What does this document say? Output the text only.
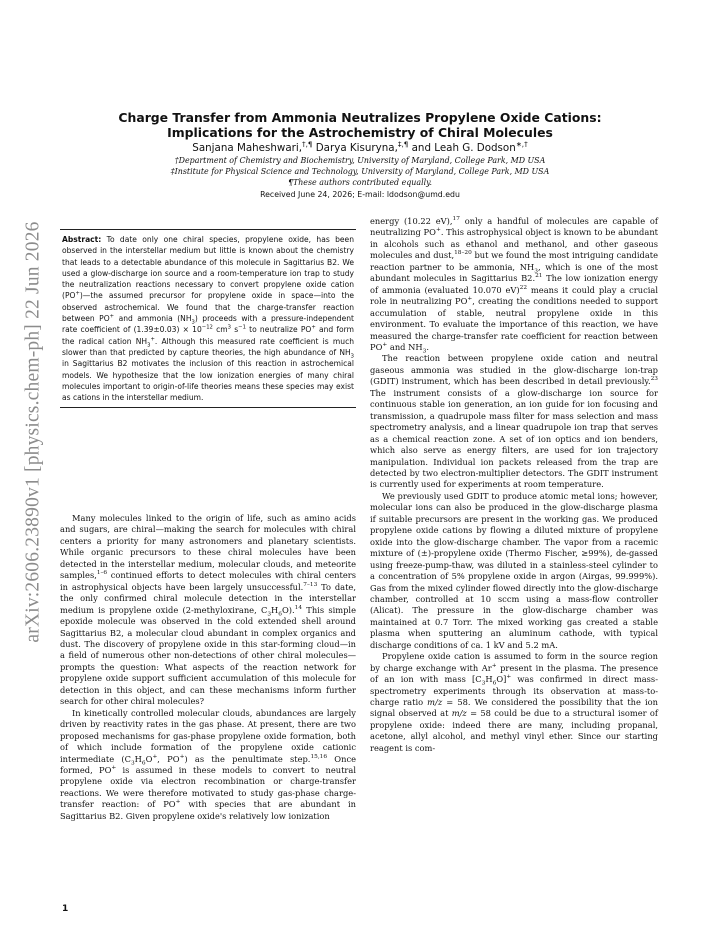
arXiv:2606.23890v1 [physics.chem-ph] 22 Jun 2026
Charge Transfer from Ammonia Neutralizes Propylene Oxide Cations:
Implications for the Astrochemistry of Chiral Molecules
Sanjana Maheshwari,†,¶ Darya Kisuryna,‡,¶ and Leah G. Dodson∗,†
†Department of Chemistry and Biochemistry, University of Maryland, College Park, MD USA
‡Institute for Physical Science and Technology, University of Maryland, College Park, MD USA
¶These authors contributed equally.
Received June 24, 2026; E-mail: ldodson@umd.edu
Abstract: To date only one chiral species, propylene oxide, has been observed in the interstellar medium but little is known about the chemistry that leads to a detectable abundance of this molecule in Sagittarius B2. We used a glow-discharge ion source and a room-temperature ion trap to study the neutralization reactions necessary to convert propylene oxide cation (PO+)—the assumed precursor for propylene oxide in space—into the observed astrochemical. We found that the charge-transfer reaction between PO+ and ammonia $(NH_3)$ proceeds with a pressure-independent rate coefficient of $(1.39\pm 0.03) \times 10^{-12}$ $cm^3$ $s^{-1}$ to neutralize PO+ and form the radical cation $NH_3^+$. Although this measured rate coefficient is much slower than that predicted by capture theories, the high abundance of $NH_3$ in Sagittarius B2 motivates the inclusion of this reaction in astrochemical models. We hypothesize that the low ionization energies of many chiral molecules important to origin-of-life theories means these species may exist as cations in the interstellar medium.

Many molecules linked to the origin of life, such as amino acids and sugars, are chiral—making the search for molecules with chiral centers a priority for many astronomers and planetary scientists. While organic precursors to these chiral molecules have been detected in the interstellar medium, molecular clouds, and meteorite samples,$^{1-6}$ continued efforts to detect molecules with chiral centers in astrophysical objects have been largely unsuccessful.$^{7-13}$ To date, the only confirmed chiral molecule detection in the interstellar medium is propylene oxide (2-methyloxirane, $C_3H_6O).^{14}$ This simple epoxide molecule was observed in the cold extended shell around Sagittarius B2, a molecular cloud abundant in complex organics and dust. The discovery of propylene oxide in this star-forming cloud—in a field of numerous other non-detections of other chiral molecules—prompts the question: What aspects of the reaction network for propylene oxide support sufficient accumulation of this molecule for detection in this object, and can these mechanisms inform further search for other chiral molecules?

In kinetically controlled molecular clouds, abundances are largely driven by reactivity rates in the gas phase. At present, there are two proposed mechanisms for gas-phase propylene oxide formation, both of which include formation of the propylene oxide cationic intermediate ($C_3H_6O^+$, PO+) as the penultimate step.$^{15,16}$ Once formed, PO+ is assumed in these models to convert to neutral propylene oxide via electron recombination or charge-transfer reactions. We were therefore motivated to study gas-phase charge-transfer reaction: of PO+ with species that are abundant in Sagittarius B2. Given propylene oxide's relatively low ionization

energy (10.22 eV),$^{17}$ only a handful of molecules are capable of neutralizing PO+. This astrophysical object is known to be abundant in alcohols such as ethanol and methanol, and other gaseous molecules and dust,$^{18-20}$ but we found the most intriguing candidate reaction partner to be ammonia, $NH_3$, which is one of the most abundant molecules in Sagittarius B2.21 The low ionization energy of ammonia (evaluated 10.070 eV)$^{22}$ means it could play a crucial role in neutralizing PO+, creating the conditions needed to support accumulation of stable, neutral propylene oxide in this environment. To evaluate the importance of this reaction, we have measured the charge-transfer rate coefficient for reaction between PO+ and $NH_3$.

The reaction between propylene oxide cation and neutral gaseous ammonia was studied in the glow-discharge ion-trap (GDIT) instrument, which has been described in detail previously.$^{23}$ The instrument consists of a glow-discharge ion source for continuous stable ion generation, an ion guide for ion focusing and transmission, a quadrupole mass filter for mass selection and mass spectrometry analysis, and a linear quadrupole ion trap that serves as a chemical reaction zone. A set of ion optics and ion benders, which also serve as energy filters, are used for ion trajectory manipulation. Individual ion packets released from the trap are detected by two electron-multiplier detectors. The GDIT instrument is currently used for experiments at room temperature.

We previously used GDIT to produce atomic metal ions; however, molecular ions can also be produced in the glow-discharge plasma if suitable precursors are present in the working gas. We produced propylene oxide cations by flowing a diluted mixture of propylene oxide into the glow-discharge chamber. The vapor from a racemic mixture of (±)-propylene oxide (Thermo Fischer, ≥99%), de-gassed using freeze-pump-thaw, was diluted in a stainless-steel cylinder to a concentration of 5% propylene oxide in argon (Airgas, 99.999%). Gas from the mixed cylinder flowed directly into the glow-discharge chamber, controlled at 10 sccm using a mass-flow controller (Alicat). The pressure in the glow-discharge chamber was maintained at 0.7 Torr. The mixed working gas created a stable plasma when sputtering an aluminum cathode, with typical discharge conditions of ca. 1 kV and 5.2 mA.

Propylene oxide cation is assumed to form in the source region by charge exchange with Ar+ present in the plasma. The presence of an ion with mass $[C_3H_6O]^+$ was confirmed in direct mass-spectrometry experiments through its observation at mass-to-charge ratio m/z = 58. We considered the possibility that the ion signal observed at m/z = 58 could be due to a structural isomer of propylene oxide: indeed there are many, including propanal, acetone, allyl alcohol, and methyl vinyl ether. Since our starting reagent is com-

1
